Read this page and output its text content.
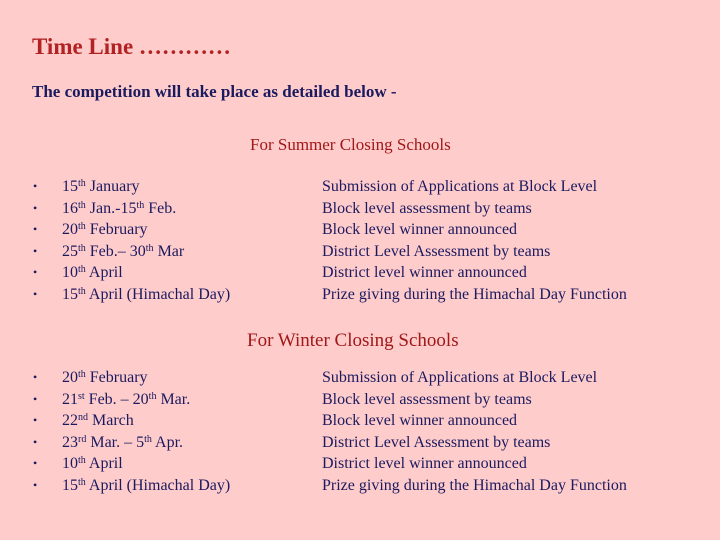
Time Line …………

The competition will take place as detailed below -

For Summer Closing Schools

• 15th January	Submission of Applications at Block Level
• 16th Jan.-15th Feb.	Block level assessment by teams
• 20th February	Block level winner announced
• 25th Feb.– 30th Mar	District Level Assessment by teams
• 10th April	District level winner announced
• 15th April (Himachal Day)	Prize giving during the Himachal Day Function

For Winter Closing Schools

• 20th February	Submission of Applications at Block Level
• 21st Feb. – 20th Mar.	Block level assessment by teams
• 22nd March	Block level winner announced
• 23rd Mar. – 5th Apr.	District Level Assessment by teams
• 10th April	District level winner announced
• 15th April (Himachal Day)	Prize giving during the Himachal Day Function
